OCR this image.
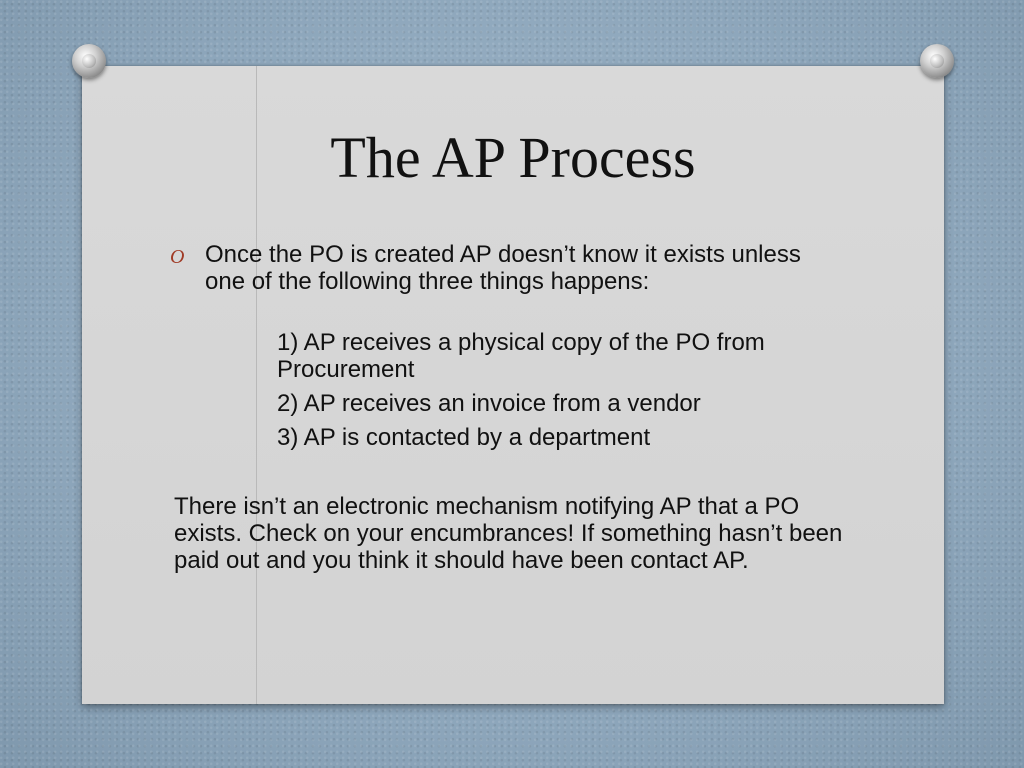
The AP Process
O Once the PO is created AP doesn’t know it exists unless one of the following three things happens:
1) AP receives a physical copy of the PO from Procurement
2) AP receives an invoice from a vendor
3) AP is contacted by a department
There isn’t an electronic mechanism notifying AP that a PO exists. Check on your encumbrances! If something hasn’t been paid out and you think it should have been contact AP.
